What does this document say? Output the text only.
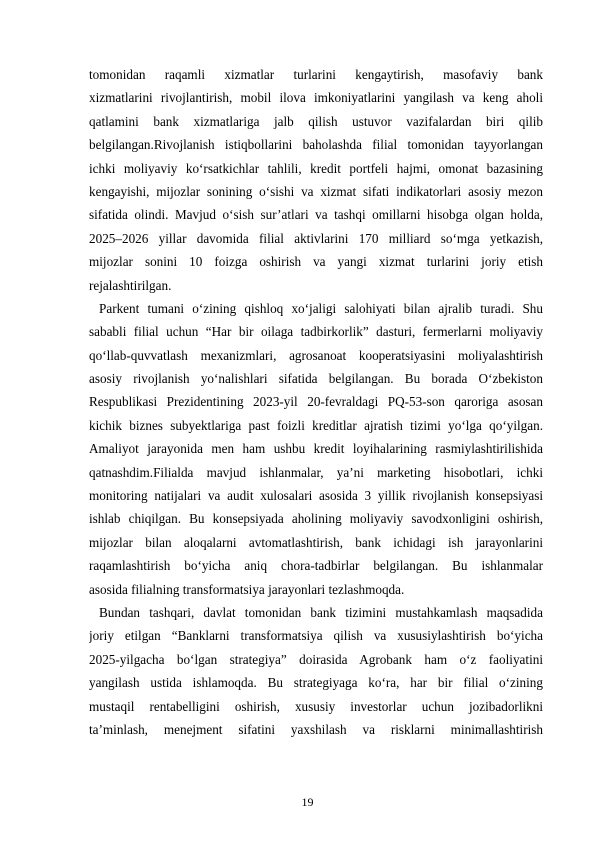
tomonidan raqamli xizmatlar turlarini kengaytirish, masofaviy bank
xizmatlarini rivojlantirish, mobil ilova imkoniyatlarini yangilash va keng aholi
qatlamini bank xizmatlariga jalb qilish ustuvor vazifalardan biri qilib
belgilangan.Rivojlanish istiqbollarini baholashda filial tomonidan tayyorlangan
ichki moliyaviy ko‘rsatkichlar tahlili, kredit portfeli hajmi, omonat bazasining
kengayishi, mijozlar sonining o‘sishi va xizmat sifati indikatorlari asosiy mezon
sifatida olindi. Mavjud o‘sish sur’atlari va tashqi omillarni hisobga olgan holda,
2025–2026 yillar davomida filial aktivlarini 170 milliard so‘mga yetkazish,
mijozlar sonini 10 foizga oshirish va yangi xizmat turlarini joriy etish
rejalashtirilgan.
Parkent tumani o‘zining qishloq xo‘jaligi salohiyati bilan ajralib turadi. Shu
sababli filial uchun “Har bir oilaga tadbirkorlik” dasturi, fermerlarni moliyaviy
qo‘llab-quvvatlash mexanizmlari, agrosanoat kooperatsiyasini moliyalashtirish
asosiy rivojlanish yo‘nalishlari sifatida belgilangan. Bu borada O‘zbekiston
Respublikasi Prezidentining 2023-yil 20-fevraldagi PQ-53-son qaroriga asosan
kichik biznes subyektlariga past foizli kreditlar ajratish tizimi yo‘lga qo‘yilgan.
Amaliyot jarayonida men ham ushbu kredit loyihalarining rasmiylashtirilishida
qatnashdim.Filialda mavjud ishlanmalar, ya’ni marketing hisobotlari, ichki
monitoring natijalari va audit xulosalari asosida 3 yillik rivojlanish konsepsiyasi
ishlab chiqilgan. Bu konsepsiyada aholining moliyaviy savodxonligini oshirish,
mijozlar bilan aloqalarni avtomatlashtirish, bank ichidagi ish jarayonlarini
raqamlashtirish bo‘yicha aniq chora-tadbirlar belgilangan. Bu ishlanmalar
asosida filialning transformatsiya jarayonlari tezlashmoqda.
Bundan tashqari, davlat tomonidan bank tizimini mustahkamlash maqsadida
joriy etilgan “Banklarni transformatsiya qilish va xususiylashtirish bo‘yicha
2025-yilgacha bo‘lgan strategiya” doirasida Agrobank ham o‘z faoliyatini
yangilash ustida ishlamoqda. Bu strategiyaga ko‘ra, har bir filial o‘zining
mustaqil rentabelligini oshirish, xususiy investorlar uchun jozibadorlikni
ta’minlash, menejment sifatini yaxshilash va risklarni minimallashtirish
19
